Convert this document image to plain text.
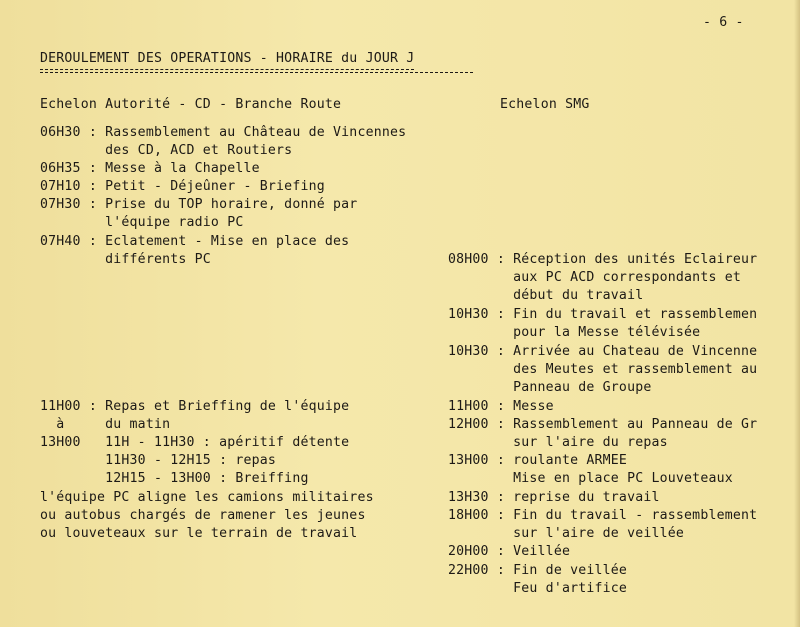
- 6 -
DEROULEMENT DES OPERATIONS - HORAIRE du JOUR J
Echelon Autorité - CD - Branche Route	Echelon SMG
06H30 : Rassemblement au Château de Vincennes
des CD, ACD et Routiers
06H35 : Messe à la Chapelle
07H10 : Petit - Déjeûner - Briefing
07H30 : Prise du TOP horaire, donné par
l'équipe radio PC
07H40 : Eclatement - Mise en place des
différents PC
11H00 : Repas et Brieffing de l'équipe
à     du matin
13H00   11H - 11H30 : apéritif détente
11H30 - 12H15 : repas
12H15 - 13H00 : Breiffing
l'équipe PC aligne les camions militaires
ou autobus chargés de ramener les jeunes
ou louveteaux sur le terrain de travail
08H00 : Réception des unités Eclaireur
aux PC ACD correspondants et
début du travail
10H30 : Fin du travail et rassemblemen
pour la Messe télévisée
10H30 : Arrivée au Chateau de Vincenne
des Meutes et rassemblement au
Panneau de Groupe
11H00 : Messe
12H00 : Rassemblement au Panneau de Gr
sur l'aire du repas
13H00 : roulante ARMEE
Mise en place PC Louveteaux
13H30 : reprise du travail
18H00 : Fin du travail - rassemblement
sur l'aire de veillée
20H00 : Veillée
22H00 : Fin de veillée
Feu d'artifice
